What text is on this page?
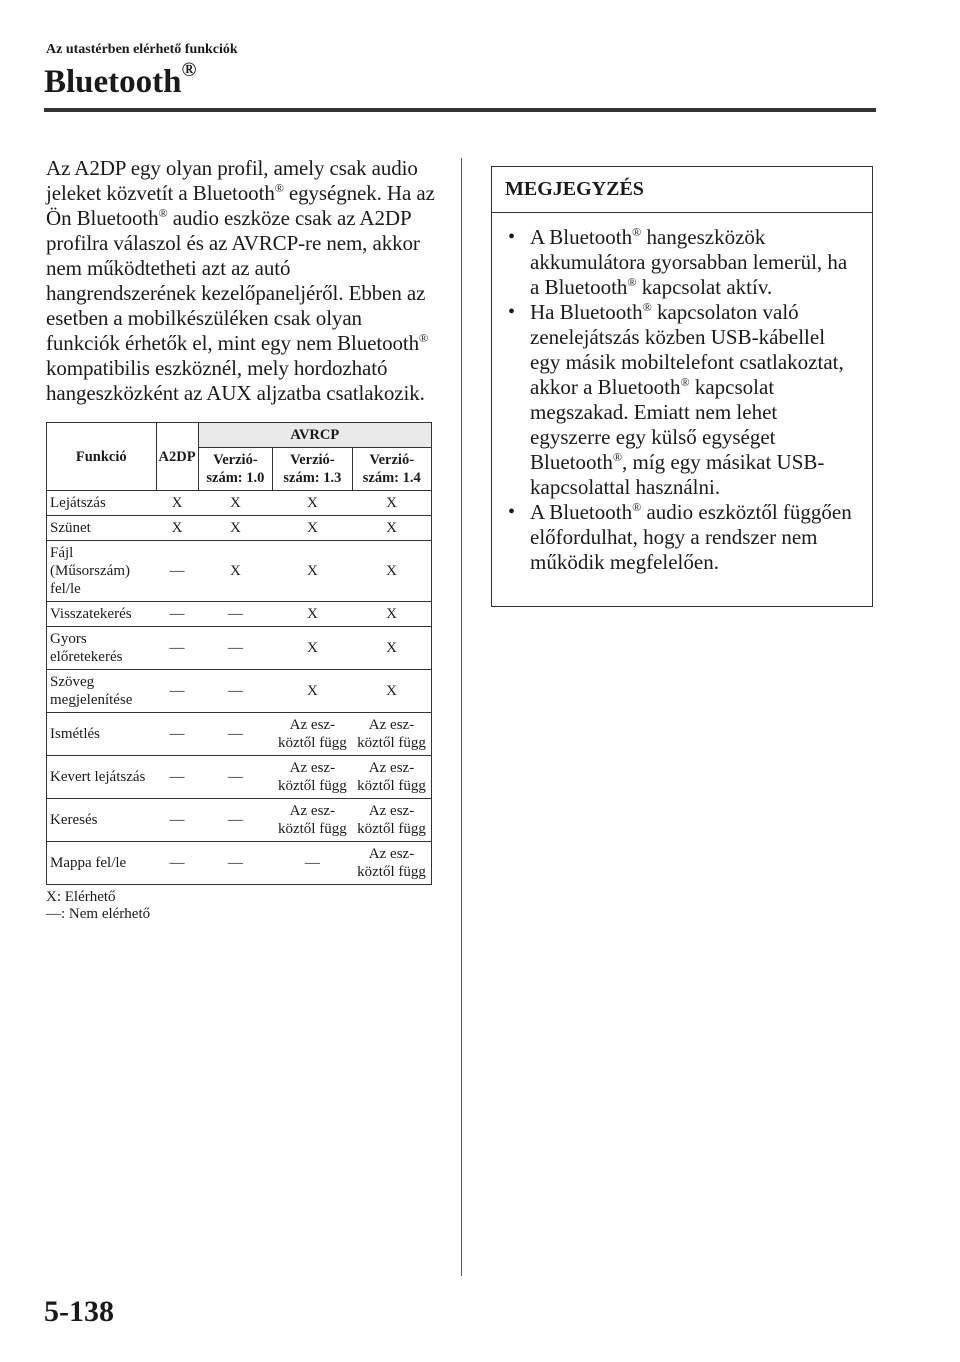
Az utastérben elérhető funkciók
Bluetooth®

Az A2DP egy olyan profil, amely csak audio jeleket közvetít a Bluetooth® egységnek. Ha az Ön Bluetooth® audio eszköze csak az A2DP profilra válaszol és az AVRCP-re nem, akkor nem működtetheti azt az autó hangrendszerének kezelőpaneljéről. Ebben az esetben a mobilkészüléken csak olyan funkciók érhetők el, mint egy nem Bluetooth® kompatibilis eszköznél, mely hordozható hangeszközként az AUX aljzatba csatlakozik.

Funkció	A2DP	AVRCP		
		Verzió-szám: 1.0	Verzió-szám: 1.3	Verzió-szám: 1.4
Lejátszás	X	X	X	X
Szünet	X	X	X	X
Fájl (Műsorszám) fel/le	—	X	X	X
Visszatekerés	—	—	X	X
Gyors előretekerés	—	—	X	X
Szöveg megjelenítése	—	—	X	X
Ismétlés	—	—	Az esz-köztől függ	Az esz-köztől függ
Kevert lejátszás	—	—	Az esz-köztől függ	Az esz-köztől függ
Keresés	—	—	Az esz-köztől függ	Az esz-köztől függ
Mappa fel/le	—	—	—	Az esz-köztől függ
X: Elérhető
—: Nem elérhető
MEGJEGYZÉS
• A Bluetooth® hangeszközök akkumulátora gyorsabban lemerül, ha a Bluetooth® kapcsolat aktív.
• Ha Bluetooth® kapcsolaton való zenelejátszás közben USB-kábellel egy másik mobiltelefont csatlakoztat, akkor a Bluetooth® kapcsolat megszakad. Emiatt nem lehet egyszerre egy külső egységet Bluetooth®, míg egy másikat USB-kapcsolattal használni.
• A Bluetooth® audio eszköztől függően előfordulhat, hogy a rendszer nem működik megfelelően.
5-138
